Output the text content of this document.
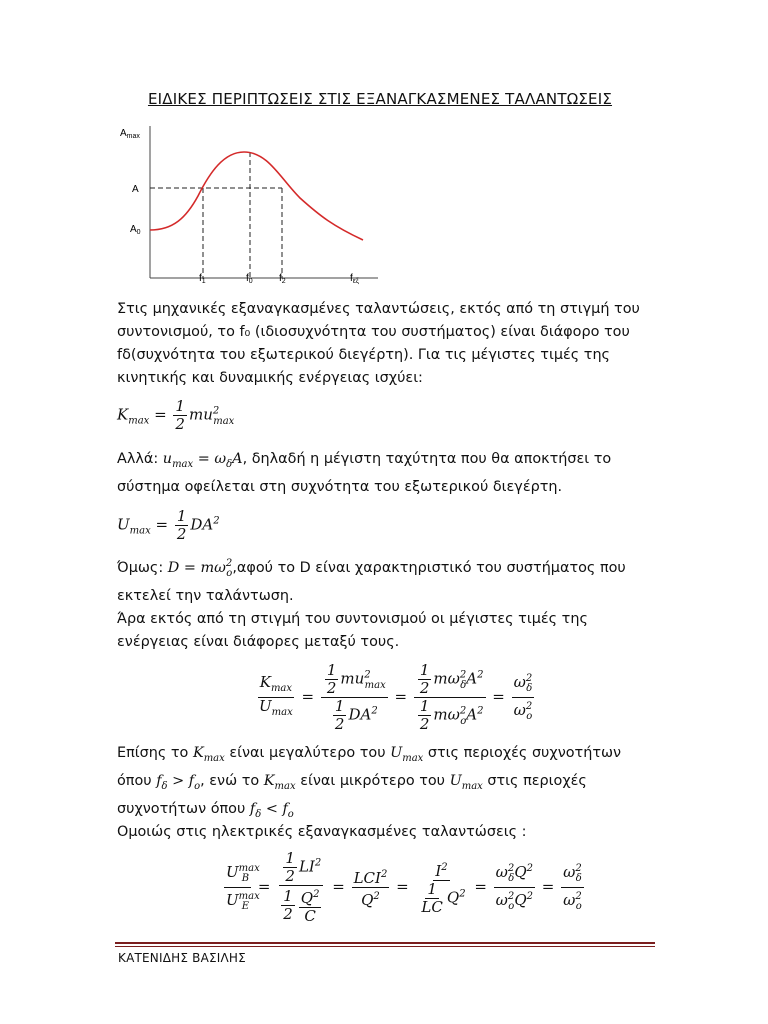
ΕΙΔΙΚΕΣ ΠΕΡΙΠΤΩΣΕΙΣ ΣΤΙΣ ΕΞΑΝΑΓΚΑΣΜΕΝΕΣ ΤΑΛΑΝΤΩΣΕΙΣ
$A_{max}$
A
$A_0$
$f_1$	$f_0$	$f_2$	$f_{\varepsilon\xi}$
Στις μηχανικές εξαναγκασμένες ταλαντώσεις, εκτός από τη στιγμή του συντονισμού, το f₀ (ιδιοσυχνότητα του συστήματος) είναι διάφορο του fδ(συχνότητα του εξωτερικού διεγέρτη). Για τις μέγιστες τιμές της κινητικής και δυναμικής ενέργειας ισχύει:
$K_{max} = \frac{1}{2} mu^2_{max}$
Αλλά: $u_{max} = \omega_\delta A$, δηλαδή η μέγιστη ταχύτητα που θα αποκτήσει το σύστημα οφείλεται στη συχνότητα του εξωτερικού διεγέρτη.
$U_{max} = \frac{1}{2} DA^2$
Όμως: $D = m\omega^2_o,\alpha\varphi oύ$ το D είναι χαρακτηριστικό του συστήματος που εκτελεί την ταλάντωση.
Άρα εκτός από τη στιγμή του συντονισμού οι μέγιστες τιμές της ενέργειας είναι διάφορες μεταξύ τους.
$\frac{K_{max}}{U_{max}} = \frac{\frac{1}{2} mu^2_{max}}{\frac{1}{2} DA^2} = \frac{\frac{1}{2} m\omega^2_\delta A^2}{\frac{1}{2} m\omega^2_oA^2} = \frac{\omega^2_\delta}{\omega^2_o}$
Επίσης το $K_{max}$ είναι μεγαλύτερο του $U_{max}$ στις περιοχές συχνοτήτων όπου $f_\delta > f_o$, ενώ το $K_{max}$ είναι μικρότερο του $U_{max}$ στις περιοχές συχνοτήτων όπου $f_\delta < f_o$
Ομοιώς στις ηλεκτρικές εξαναγκασμένες ταλαντώσεις :
$\frac{U^{max}_B}{U^{max}_E} = \frac{\frac{1}{2} LI^2}{\frac{1}{2} \frac{Q^2}{C}} = \frac{LCI^2}{Q^2} = \frac{I^2}{\frac{1}{LC} Q^2} = \frac{\omega^2_\delta Q^2}{\omega^2_oQ^2} = \frac{\omega^2_\delta}{\omega^2_o}$
ΚΑΤΕΝΙΔΗΣ ΒΑΣΙΛΗΣ
